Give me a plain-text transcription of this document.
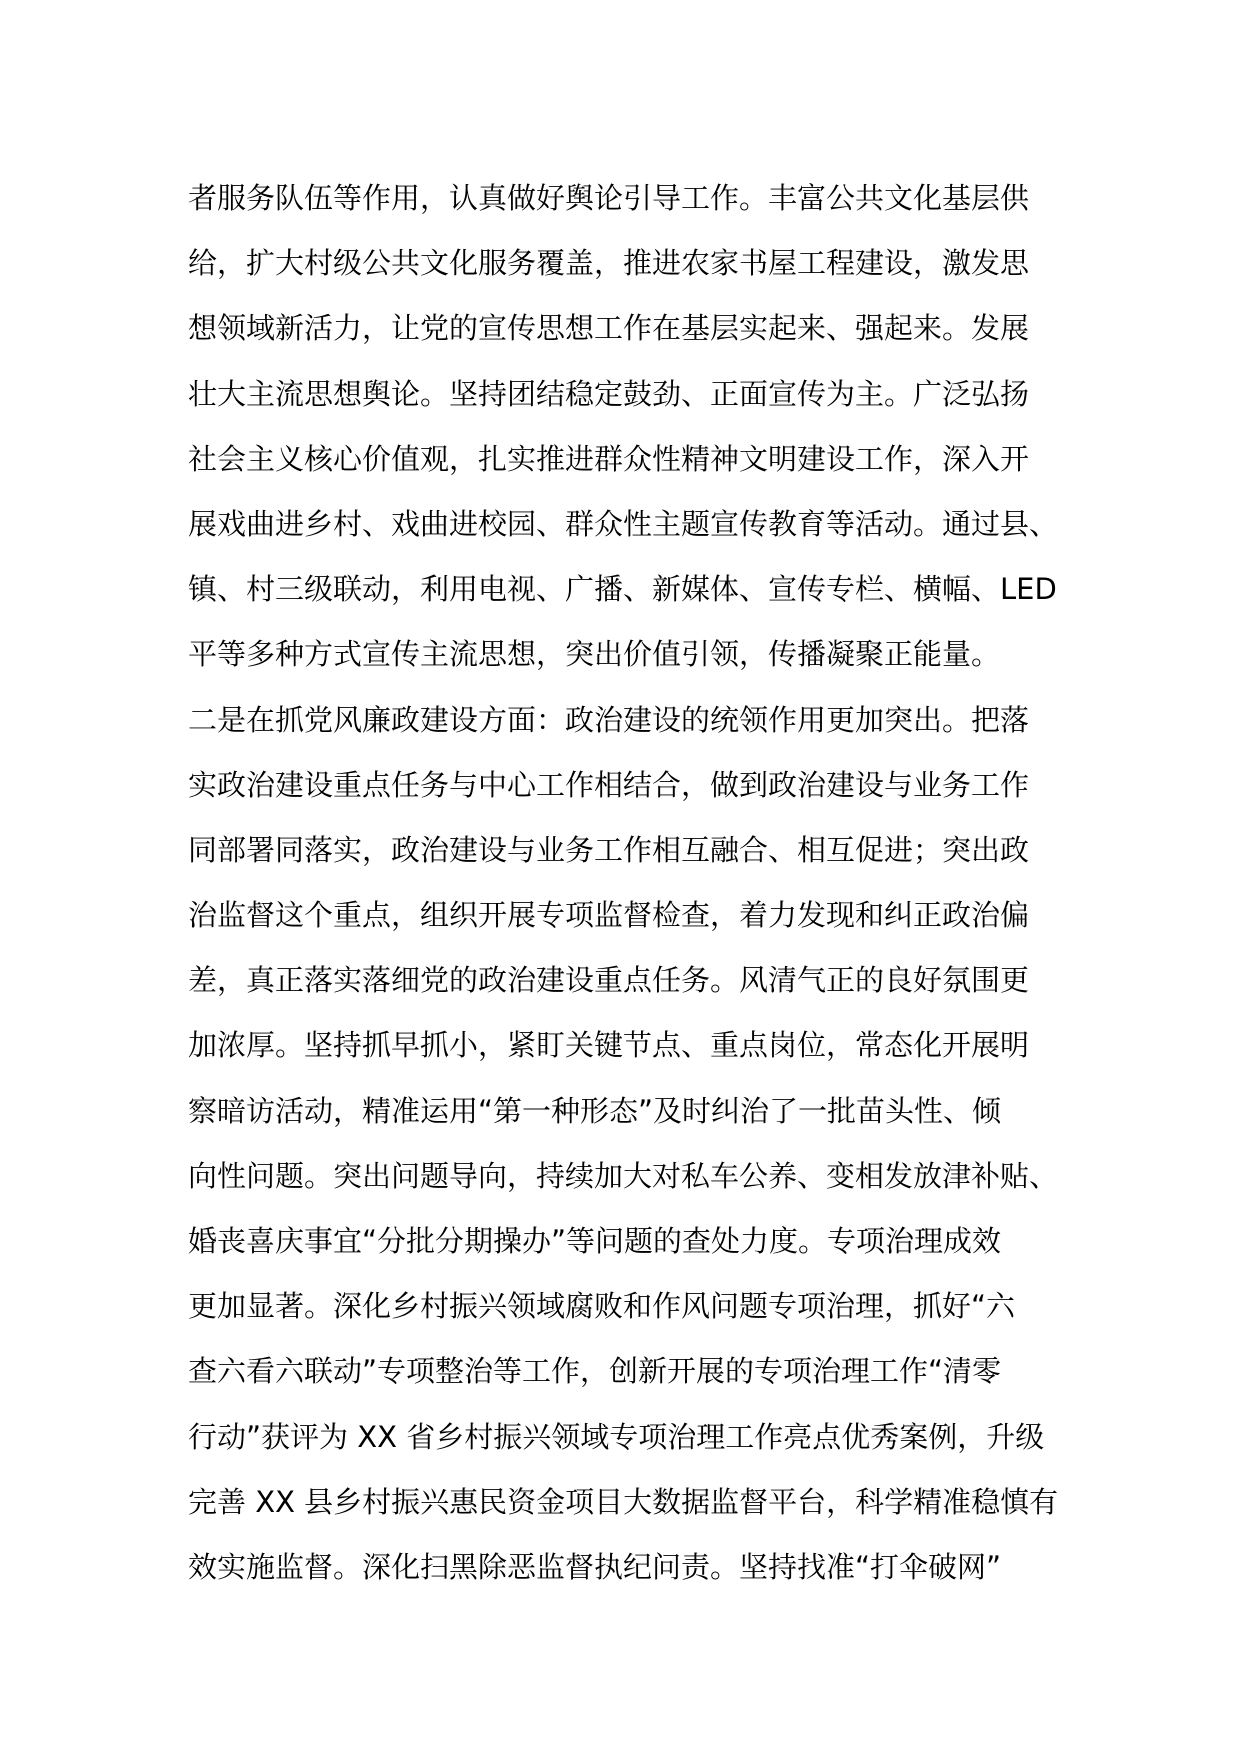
者服务队伍等作用，认真做好舆论引导工作。丰富公共文化基层供
给，扩大村级公共文化服务覆盖，推进农家书屋工程建设，激发思
想领域新活力，让党的宣传思想工作在基层实起来、强起来。发展
壮大主流思想舆论。坚持团结稳定鼓劲、正面宣传为主。广泛弘扬
社会主义核心价值观，扎实推进群众性精神文明建设工作，深入开
展戏曲进乡村、戏曲进校园、群众性主题宣传教育等活动。通过县、
镇、村三级联动，利用电视、广播、新媒体、宣传专栏、横幅、LED
平等多种方式宣传主流思想，突出价值引领，传播凝聚正能量。
二是在抓党风廉政建设方面：政治建设的统领作用更加突出。把落
实政治建设重点任务与中心工作相结合，做到政治建设与业务工作
同部署同落实，政治建设与业务工作相互融合、相互促进；突出政
治监督这个重点，组织开展专项监督检查，着力发现和纠正政治偏
差，真正落实落细党的政治建设重点任务。风清气正的良好氛围更
加浓厚。坚持抓早抓小，紧盯关键节点、重点岗位，常态化开展明
察暗访活动，精准运用“第一种形态”及时纠治了一批苗头性、倾
向性问题。突出问题导向，持续加大对私车公养、变相发放津补贴、
婚丧喜庆事宜“分批分期操办”等问题的查处力度。专项治理成效
更加显著。深化乡村振兴领域腐败和作风问题专项治理，抓好“六
查六看六联动”专项整治等工作，创新开展的专项治理工作“清零
行动”获评为 XX 省乡村振兴领域专项治理工作亮点优秀案例，升级
完善 XX 县乡村振兴惠民资金项目大数据监督平台，科学精准稳慎有
效实施监督。深化扫黑除恶监督执纪问责。坚持找准“打伞破网”
